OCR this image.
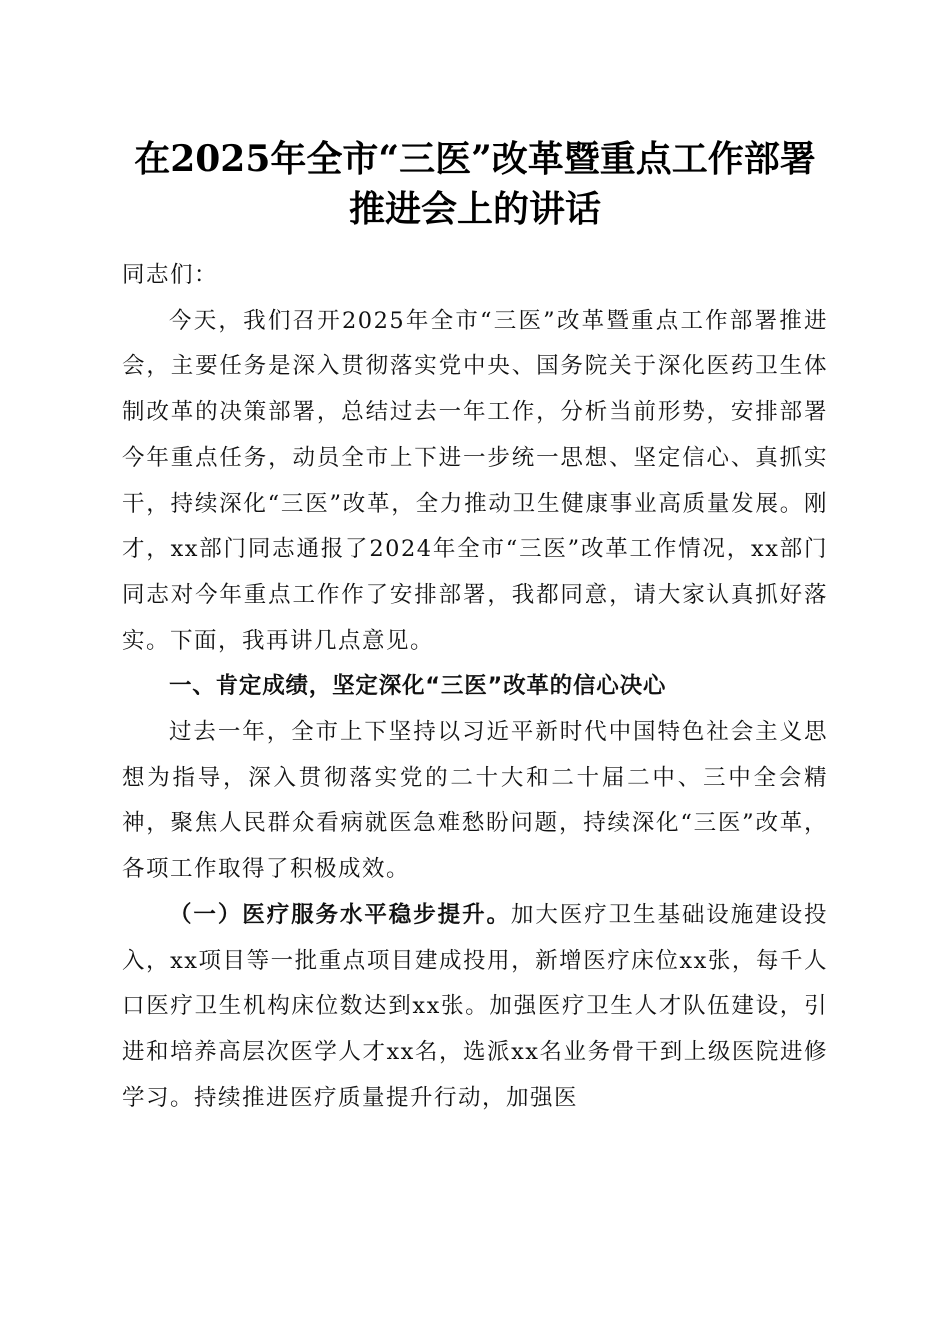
在2025年全市“三医”改革暨重点工作部署
推进会上的讲话

同志们：

今天，我们召开2025年全市“三医”改革暨重点工作部署推进会，主要任务是深入贯彻落实党中央、国务院关于深化医药卫生体制改革的决策部署，总结过去一年工作，分析当前形势，安排部署今年重点任务，动员全市上下进一步统一思想、坚定信心、真抓实干，持续深化“三医”改革，全力推动卫生健康事业高质量发展。刚才，xx部门同志通报了2024年全市“三医”改革工作情况，xx部门同志对今年重点工作作了安排部署，我都同意，请大家认真抓好落实。下面，我再讲几点意见。

一、肯定成绩，坚定深化“三医”改革的信心决心

过去一年，全市上下坚持以习近平新时代中国特色社会主义思想为指导，深入贯彻落实党的二十大和二十届二中、三中全会精神，聚焦人民群众看病就医急难愁盼问题，持续深化“三医”改革，各项工作取得了积极成效。

（一）医疗服务水平稳步提升。加大医疗卫生基础设施建设投入，xx项目等一批重点项目建成投用，新增医疗床位xx张，每千人口医疗卫生机构床位数达到xx张。加强医疗卫生人才队伍建设，引进和培养高层次医学人才xx名，选派xx名业务骨干到上级医院进修学习。持续推进医疗质量提升行动，加强医
